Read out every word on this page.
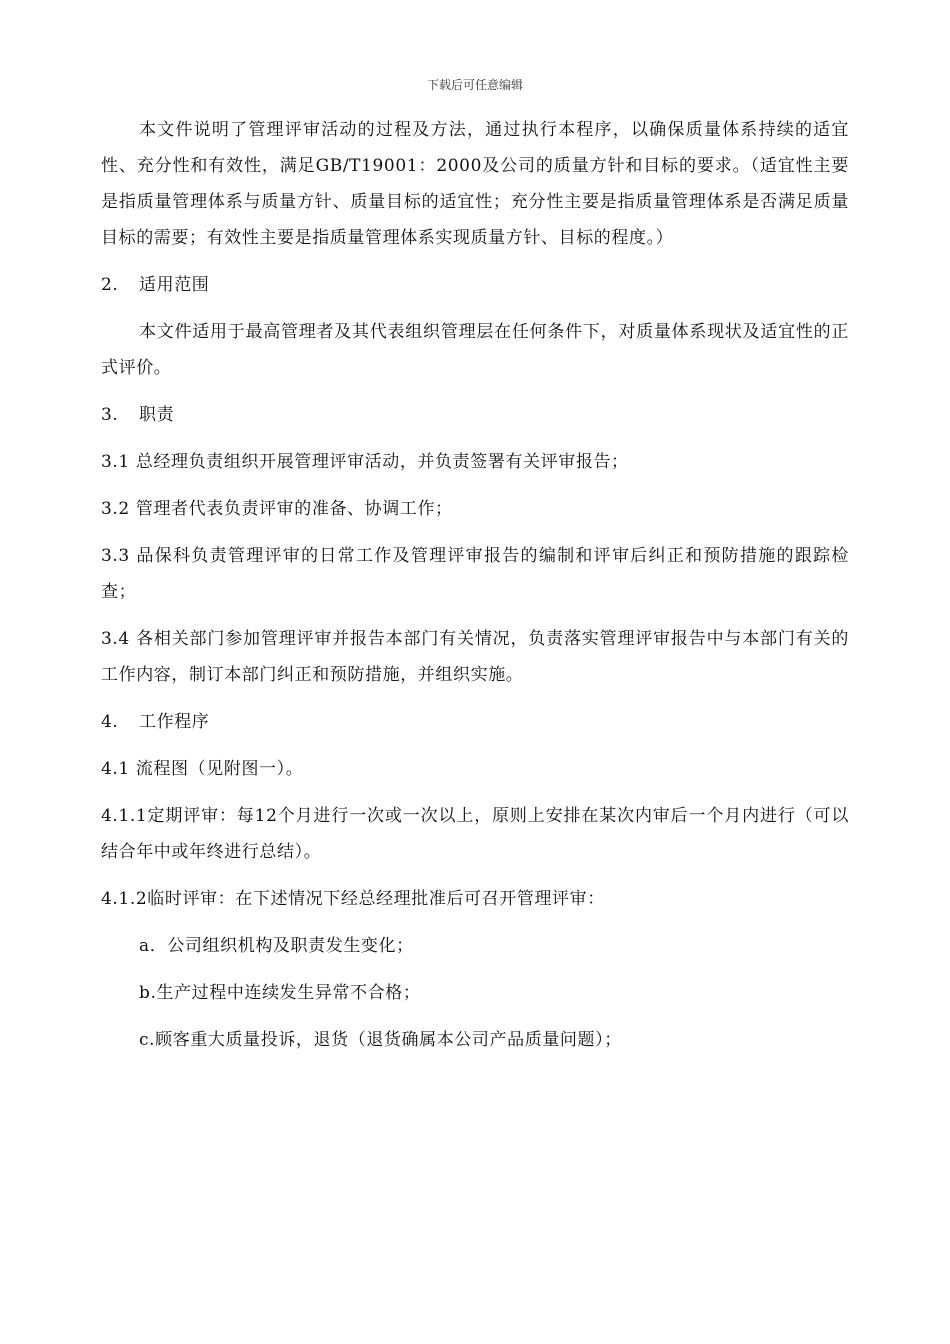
下载后可任意编辑

本文件说明了管理评审活动的过程及方法，通过执行本程序，以确保质量体系持续的适宜性、充分性和有效性，满足GB/T19001：2000及公司的质量方针和目标的要求。（适宜性主要是指质量管理体系与质量方针、质量目标的适宜性；充分性主要是指质量管理体系是否满足质量目标的需要；有效性主要是指质量管理体系实现质量方针、目标的程度。）

2. 适用范围

本文件适用于最高管理者及其代表组织管理层在任何条件下，对质量体系现状及适宜性的正式评价。

3. 职责

3.1 总经理负责组织开展管理评审活动，并负责签署有关评审报告；

3.2 管理者代表负责评审的准备、协调工作；

3.3 品保科负责管理评审的日常工作及管理评审报告的编制和评审后纠正和预防措施的跟踪检查；

3.4 各相关部门参加管理评审并报告本部门有关情况，负责落实管理评审报告中与本部门有关的工作内容，制订本部门纠正和预防措施，并组织实施。

4. 工作程序

4.1 流程图（见附图一）。

4.1.1定期评审：每12个月进行一次或一次以上，原则上安排在某次内审后一个月内进行（可以结合年中或年终进行总结）。

4.1.2临时评审：在下述情况下经总经理批准后可召开管理评审：

a．公司组织机构及职责发生变化；

b.生产过程中连续发生异常不合格；

c.顾客重大质量投诉，退货（退货确属本公司产品质量问题）；
